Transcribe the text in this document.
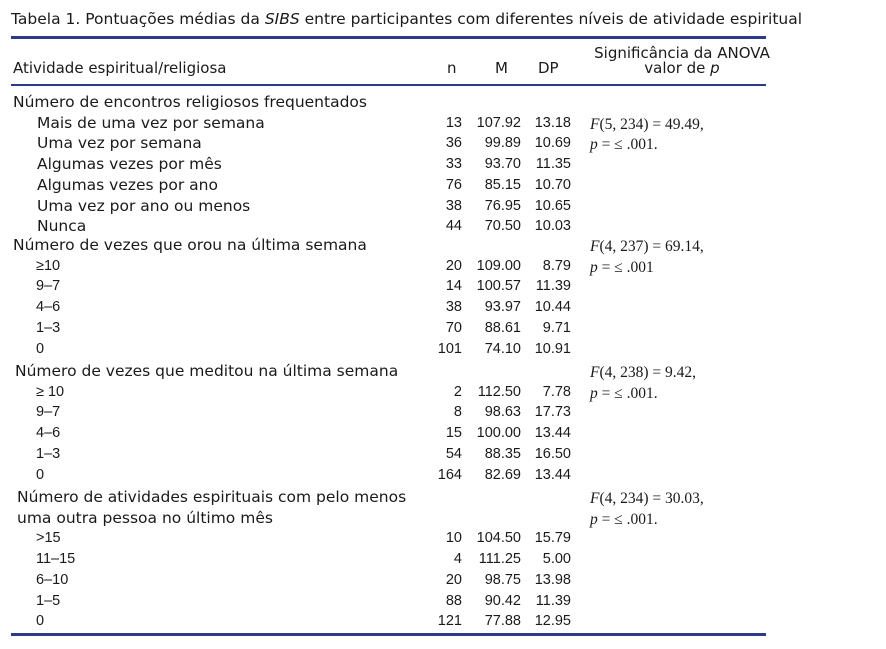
Tabela 1. Pontuações médias da SIBS entre participantes com diferentes níveis de atividade espiritual
Atividade espiritual/religiosa	n	M DP
Significância da ANOVA
valor de p
Número de encontros religiosos frequentados
F(5, 234) = 49.49,
p = ≤ .001.
Mais de uma vez por semana	13 107.92 13.18
Uma vez por semana	36 99.89 10.69
Algumas vezes por mês	33 93.70 11.35
Algumas vezes por ano	76 85.15 10.70
Uma vez por ano ou menos	38 76.95 10.65
Nunca	44 70.50 10.03
Número de vezes que orou na última semana	F(4, 237) = 69.14,
p = ≤ .001
≥10	20 109.00 8.79
9–7	14 100.57 11.39
4–6	38 93.97 10.44
1–3	70 88.61 9.71
0	101 74.10 10.91
Número de vezes que meditou na última semana	F(4, 238) = 9.42,
p = ≤ .001.
≥ 10	2 112.50 7.78
9–7	8 98.63 17.73
4–6	15 100.00 13.44
1–3	54 88.35 16.50
0	164 82.69 13.44
Número de atividades espirituais com pelo menos
uma outra pessoa no último mês
F(4, 234) = 30.03,
p = ≤ .001.
>15	10 104.50 15.79
11–15	4 111.25 5.00
6–10	20 98.75 13.98
1–5	88 90.42 11.39
0	121 77.88 12.95
